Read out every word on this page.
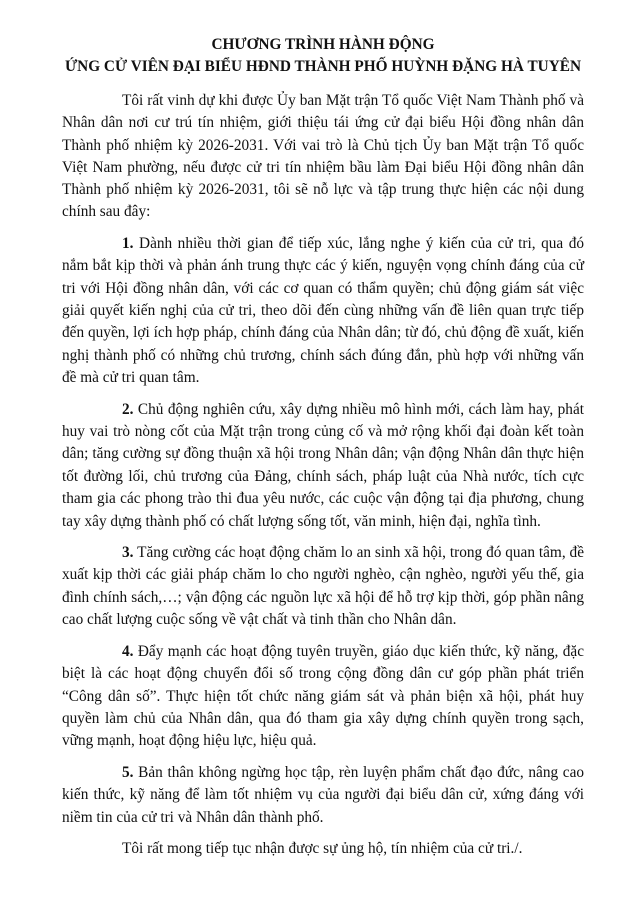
CHƯƠNG TRÌNH HÀNH ĐỘNG
ỨNG CỬ VIÊN ĐẠI BIỂU HĐND THÀNH PHỐ HUỲNH ĐẶNG HÀ TUYÊN

Tôi rất vinh dự khi được Ủy ban Mặt trận Tổ quốc Việt Nam Thành phố và Nhân dân nơi cư trú tín nhiệm, giới thiệu tái ứng cử đại biểu Hội đồng nhân dân Thành phố nhiệm kỳ 2026-2031. Với vai trò là Chủ tịch Ủy ban Mặt trận Tổ quốc Việt Nam phường, nếu được cử tri tín nhiệm bầu làm Đại biểu Hội đồng nhân dân Thành phố nhiệm kỳ 2026-2031, tôi sẽ nỗ lực và tập trung thực hiện các nội dung chính sau đây:

1. Dành nhiều thời gian để tiếp xúc, lắng nghe ý kiến của cử tri, qua đó nắm bắt kịp thời và phản ánh trung thực các ý kiến, nguyện vọng chính đáng của cử tri với Hội đồng nhân dân, với các cơ quan có thẩm quyền; chủ động giám sát việc giải quyết kiến nghị của cử tri, theo dõi đến cùng những vấn đề liên quan trực tiếp đến quyền, lợi ích hợp pháp, chính đáng của Nhân dân; từ đó, chủ động đề xuất, kiến nghị thành phố có những chủ trương, chính sách đúng đắn, phù hợp với những vấn đề mà cử tri quan tâm.

2. Chủ động nghiên cứu, xây dựng nhiều mô hình mới, cách làm hay, phát huy vai trò nòng cốt của Mặt trận trong củng cố và mở rộng khối đại đoàn kết toàn dân; tăng cường sự đồng thuận xã hội trong Nhân dân; vận động Nhân dân thực hiện tốt đường lối, chủ trương của Đảng, chính sách, pháp luật của Nhà nước, tích cực tham gia các phong trào thi đua yêu nước, các cuộc vận động tại địa phương, chung tay xây dựng thành phố có chất lượng sống tốt, văn minh, hiện đại, nghĩa tình.

3. Tăng cường các hoạt động chăm lo an sinh xã hội, trong đó quan tâm, đề xuất kịp thời các giải pháp chăm lo cho người nghèo, cận nghèo, người yếu thế, gia đình chính sách,…; vận động các nguồn lực xã hội để hỗ trợ kịp thời, góp phần nâng cao chất lượng cuộc sống về vật chất và tinh thần cho Nhân dân.

4. Đẩy mạnh các hoạt động tuyên truyền, giáo dục kiến thức, kỹ năng, đặc biệt là các hoạt động chuyển đổi số trong cộng đồng dân cư góp phần phát triển “Công dân số”. Thực hiện tốt chức năng giám sát và phản biện xã hội, phát huy quyền làm chủ của Nhân dân, qua đó tham gia xây dựng chính quyền trong sạch, vững mạnh, hoạt động hiệu lực, hiệu quả.

5. Bản thân không ngừng học tập, rèn luyện phẩm chất đạo đức, nâng cao kiến thức, kỹ năng để làm tốt nhiệm vụ của người đại biểu dân cử, xứng đáng với niềm tin của cử tri và Nhân dân thành phố.

Tôi rất mong tiếp tục nhận được sự ủng hộ, tín nhiệm của cử tri./.
